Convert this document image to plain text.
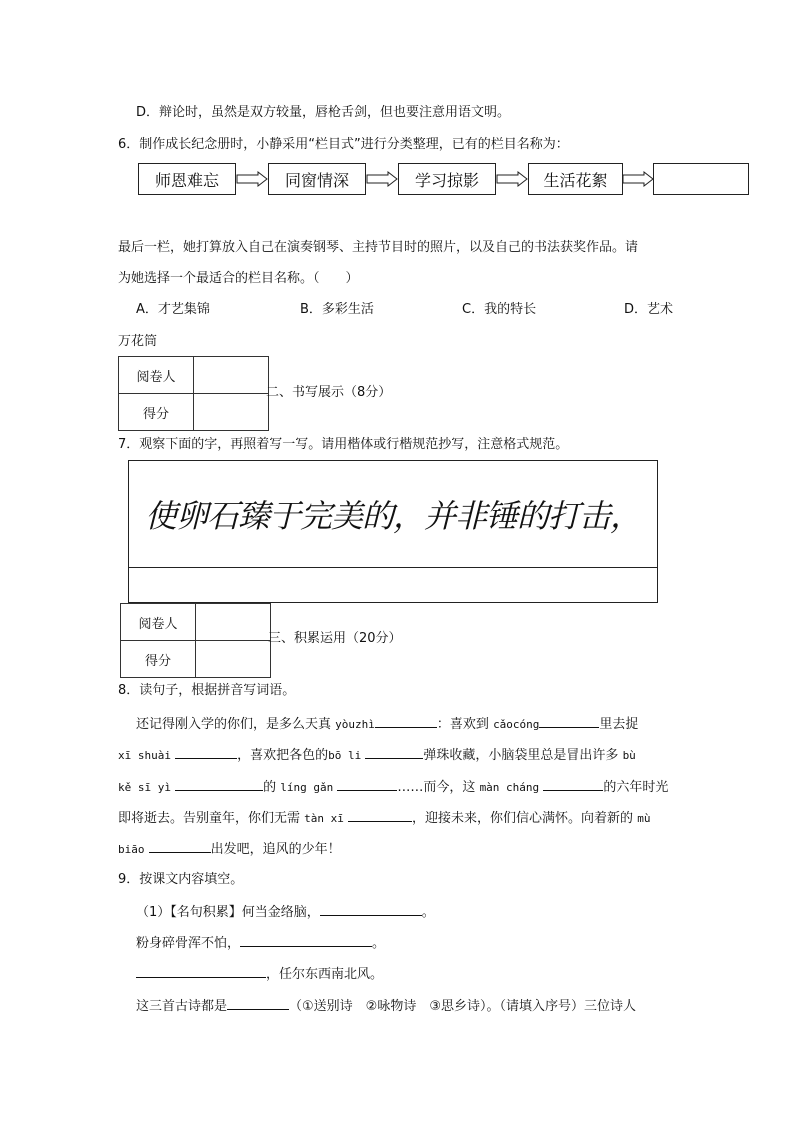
D．辩论时，虽然是双方较量，唇枪舌剑，但也要注意用语文明。
6．制作成长纪念册时，小静采用“栏目式”进行分类整理，已有的栏目名称为：
师恩难忘	同窗情深	学习掠影	生活花絮
最后一栏，她打算放入自己在演奏钢琴、主持节目时的照片，以及自己的书法获奖作品。请
为她选择一个最适合的栏目名称。（　　）
A．才艺集锦	B．多彩生活	C．我的特长	D．艺术
万花筒
阅卷人	
得分	
二、书写展示（8分）
7．观察下面的字，再照着写一写。请用楷体或行楷规范抄写，注意格式规范。
使卵石臻于完美的，并非锤的打击，
阅卷人	
得分	
三、积累运用（20分）
8．读句子，根据拼音写词语。
还记得刚入学的你们，是多么天真 yòuzhì	：喜欢到 cǎocóng	里去捉
xī shuài	，喜欢把各色的bō li	弹珠收藏，小脑袋里总是冒出许多 bù
kě sī yì	的 líng gǎn	……而今，这 màn cháng	的六年时光
即将逝去。告别童年，你们无需 tàn xī	，迎接未来，你们信心满怀。向着新的 mù
biāo	出发吧，追风的少年！
9．按课文内容填空。
（1）【名句积累】何当金络脑，	。
粉身碎骨浑不怕，	。
，任尔东西南北风。
这三首古诗都是	（①送别诗　②咏物诗　③思乡诗）。（请填入序号）三位诗人
